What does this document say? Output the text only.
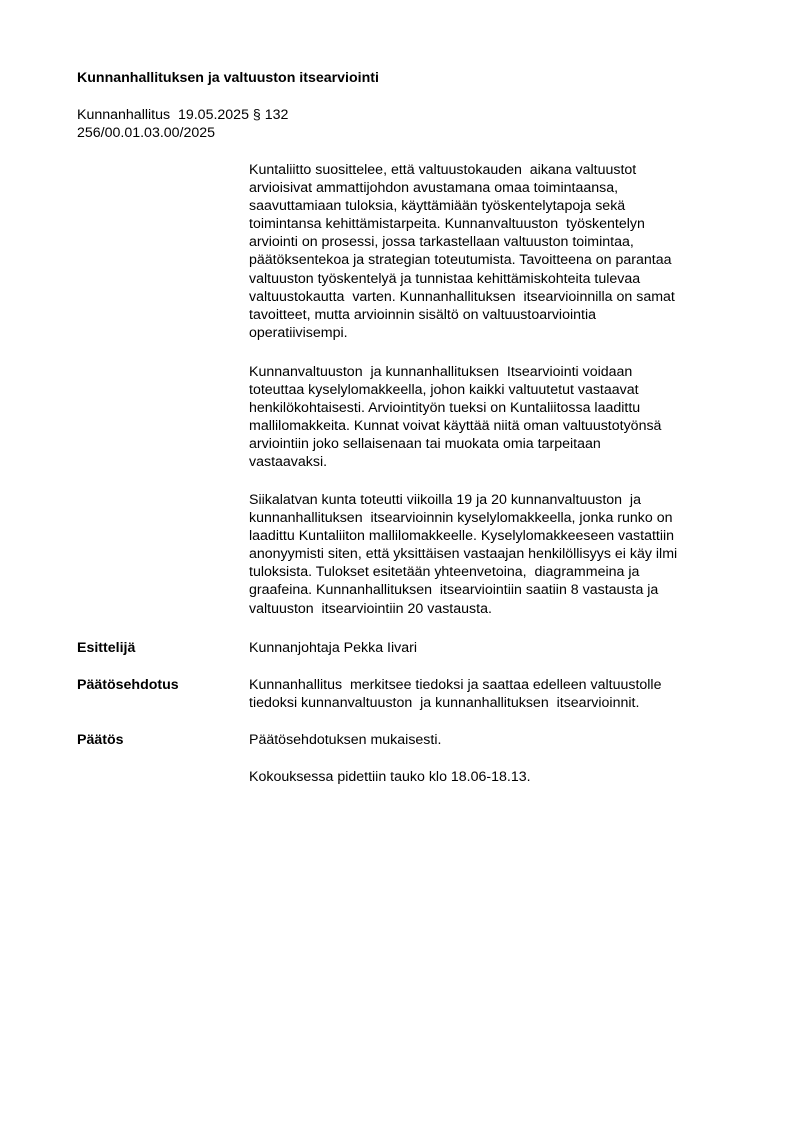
Kunnanhallituksen ja valtuuston itsearviointi
Kunnanhallitus  19.05.2025 § 132
256/00.01.03.00/2025
Kuntaliitto suosittelee, että valtuustokauden  aikana valtuustot
arvioisivat ammattijohdon avustamana omaa toimintaansa,
saavuttamiaan tuloksia, käyttämiään työskentelytapoja sekä
toimintansa kehittämistarpeita. Kunnanvaltuuston  työskentelyn
arviointi on prosessi, jossa tarkastellaan valtuuston toimintaa,
päätöksentekoa ja strategian toteutumista. Tavoitteena on parantaa
valtuuston työskentelyä ja tunnistaa kehittämiskohteita tulevaa
valtuustokautta  varten. Kunnanhallituksen  itsearvioinnilla on samat
tavoitteet, mutta arvioinnin sisältö on valtuustoarviointia
operatiivisempi.
Kunnanvaltuuston  ja kunnanhallituksen  Itsearviointi voidaan
toteuttaa kyselylomakkeella, johon kaikki valtuutetut vastaavat
henkilökohtaisesti. Arviointityön tueksi on Kuntaliitossa laadittu
mallilomakkeita. Kunnat voivat käyttää niitä oman valtuustotyönsä
arviointiin joko sellaisenaan tai muokata omia tarpeitaan
vastaavaksi.
Siikalatvan kunta toteutti viikoilla 19 ja 20 kunnanvaltuuston  ja
kunnanhallituksen  itsearvioinnin kyselylomakkeella, jonka runko on
laadittu Kuntaliiton mallilomakkeelle. Kyselylomakkeeseen vastattiin
anonyymisti siten, että yksittäisen vastaajan henkilöllisyys ei käy ilmi
tuloksista. Tulokset esitetään yhteenvetoina,  diagrammeina ja
graafeina. Kunnanhallituksen  itsearviointiin saatiin 8 vastausta ja
valtuuston  itsearviointiin 20 vastausta.
Esittelijä	Kunnanjohtaja Pekka Iivari
Päätösehdotus	Kunnanhallitus  merkitsee tiedoksi ja saattaa edelleen valtuustolle
tiedoksi kunnanvaltuuston  ja kunnanhallituksen  itsearvioinnit.
Päätös	Päätösehdotuksen mukaisesti.
Kokouksessa pidettiin tauko klo 18.06-18.13.
